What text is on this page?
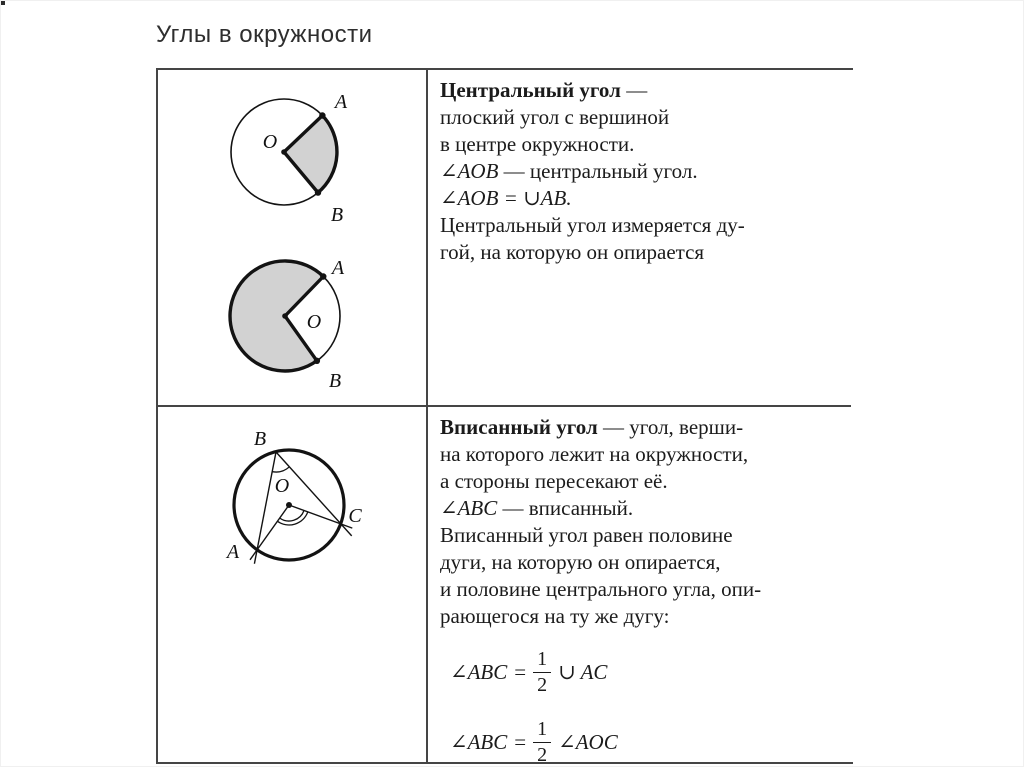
Углы в окружности
O
A
B
O
A
B
Центральный угол —
плоский угол с вершиной
в центре окружности.
∠AOB — центральный угол.
∠AOB = ∪AB.
Центральный угол измеряется ду-
гой, на которую он опирается
B
O
A
C
Вписанный угол — угол, верши-
на которого лежит на окружности,
а стороны пересекают её.
∠ABC — вписанный.
Вписанный угол равен половине
дуги, на которую он опирается,
и половине центрального угла, опи-
рающегося на ту же дугу:
∠ABC = $\frac{1}{2}$ ∪ AC
∠ABC = $\frac{1}{2}$ ∠AOC
